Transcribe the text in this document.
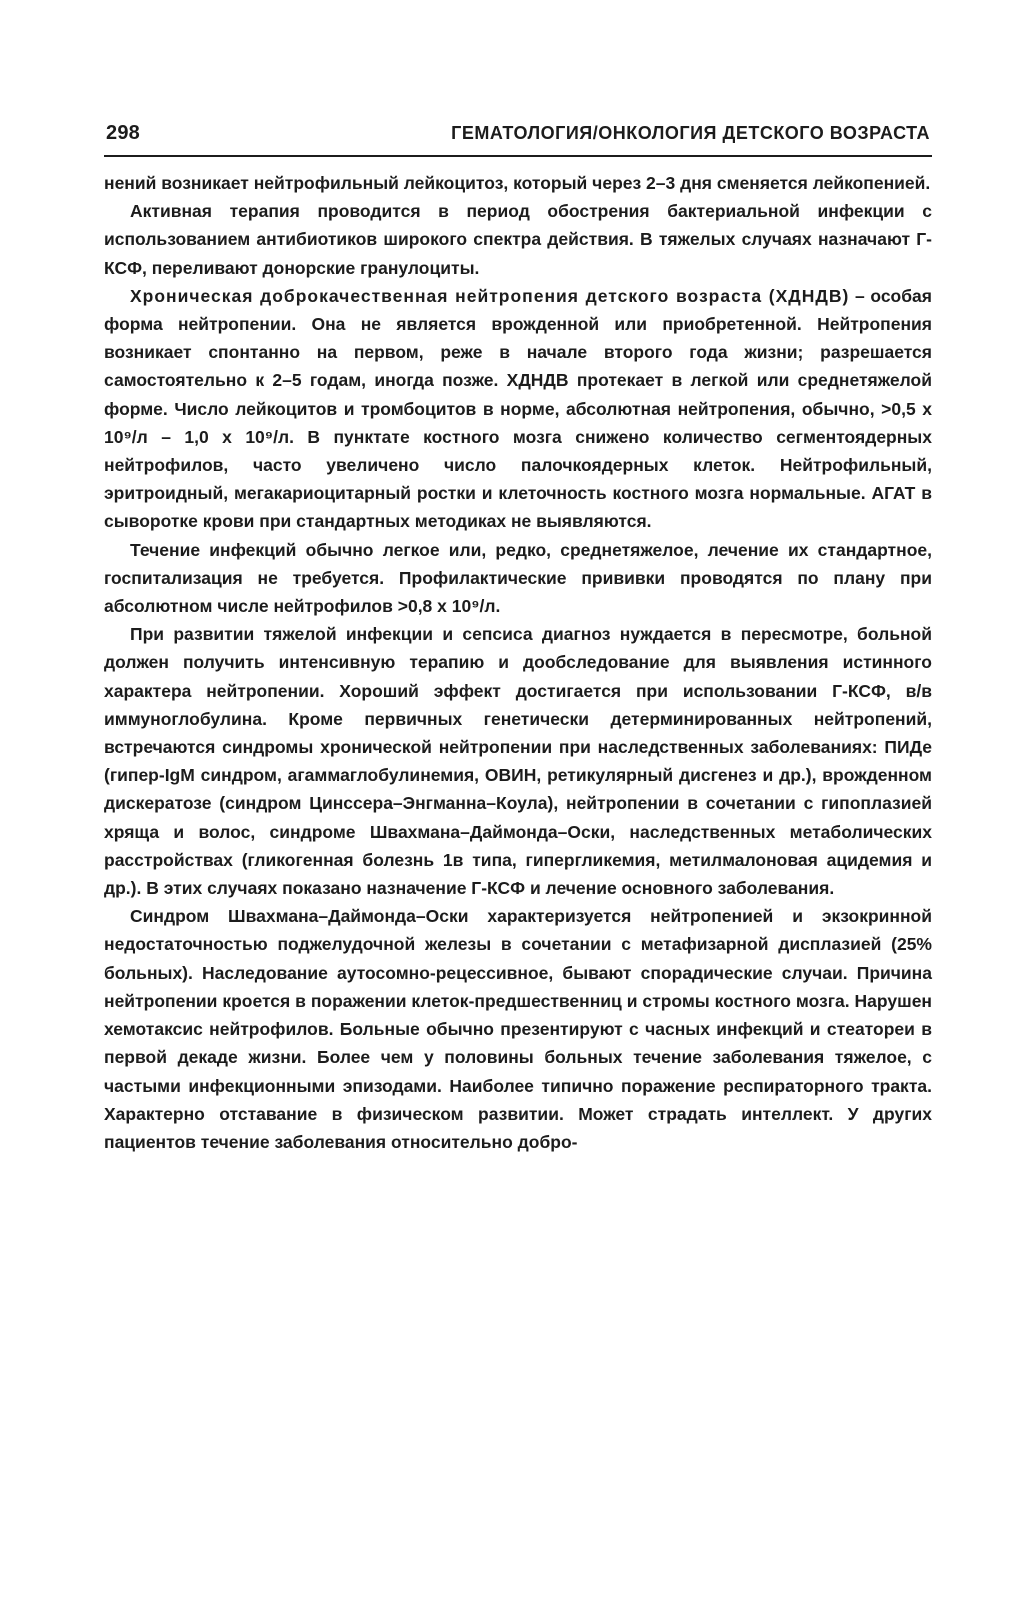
298	ГЕМАТОЛОГИЯ/ОНКОЛОГИЯ ДЕТСКОГО ВОЗРАСТА

нений возникает нейтрофильный лейкоцитоз, который через 2–3 дня сменяется лейкопенией.

Активная терапия проводится в период обострения бактериальной инфекции с использованием антибиотиков широкого спектра действия. В тяжелых случаях назначают Г-КСФ, переливают донорские гранулоциты.

Хроническая доброкачественная нейтропения детского возраста (ХДНДВ) – особая форма нейтропении. Она не является врожденной или приобретенной. Нейтропения возникает спонтанно на первом, реже в начале второго года жизни; разрешается самостоятельно к 2–5 годам, иногда позже. ХДНДВ протекает в легкой или среднетяжелой форме. Число лейкоцитов и тромбоцитов в норме, абсолютная нейтропения, обычно, >0,5 х 10⁹/л – 1,0 х 10⁹/л. В пунктате костного мозга снижено количество сегментоядерных нейтрофилов, часто увеличено число палочкоядерных клеток. Нейтрофильный, эритроидный, мегакариоцитарный ростки и клеточность костного мозга нормальные. АГАТ в сыворотке крови при стандартных методиках не выявляются.

Течение инфекций обычно легкое или, редко, среднетяжелое, лечение их стандартное, госпитализация не требуется. Профилактические прививки проводятся по плану при абсолютном числе нейтрофилов >0,8 х 10⁹/л.

При развитии тяжелой инфекции и сепсиса диагноз нуждается в пересмотре, больной должен получить интенсивную терапию и дообследование для выявления истинного характера нейтропении. Хороший эффект достигается при использовании Г-КСФ, в/в иммуноглобулина. Кроме первичных генетически детерминированных нейтропений, встречаются синдромы хронической нейтропении при наследственных заболеваниях: ПИДе (гипер-IgM синдром, агаммаглобулинемия, ОВИН, ретикулярный дисгенез и др.), врожденном дискератозе (синдром Цинссера–Энгманна–Коула), нейтропении в сочетании с гипоплазией хряща и волос, синдроме Швахмана–Даймонда–Оски, наследственных метаболических расстройствах (гликогенная болезнь 1в типа, гипергликемия, метилмалоновая ацидемия и др.). В этих случаях показано назначение Г-КСФ и лечение основного заболевания.

Синдром Швахмана–Даймонда–Оски характеризуется нейтропенией и экзокринной недостаточностью поджелудочной железы в сочетании с метафизарной дисплазией (25% больных). Наследование аутосомно-рецессивное, бывают спорадические случаи. Причина нейтропении кроется в поражении клеток-предшественниц и стромы костного мозга. Нарушен хемотаксис нейтрофилов. Больные обычно презентируют с часных инфекций и стеатореи в первой декаде жизни. Более чем у половины больных течение заболевания тяжелое, с частыми инфекционными эпизодами. Наиболее типично поражение респираторного тракта. Характерно отставание в физическом развитии. Может страдать интеллект. У других пациентов течение заболевания относительно добро-
